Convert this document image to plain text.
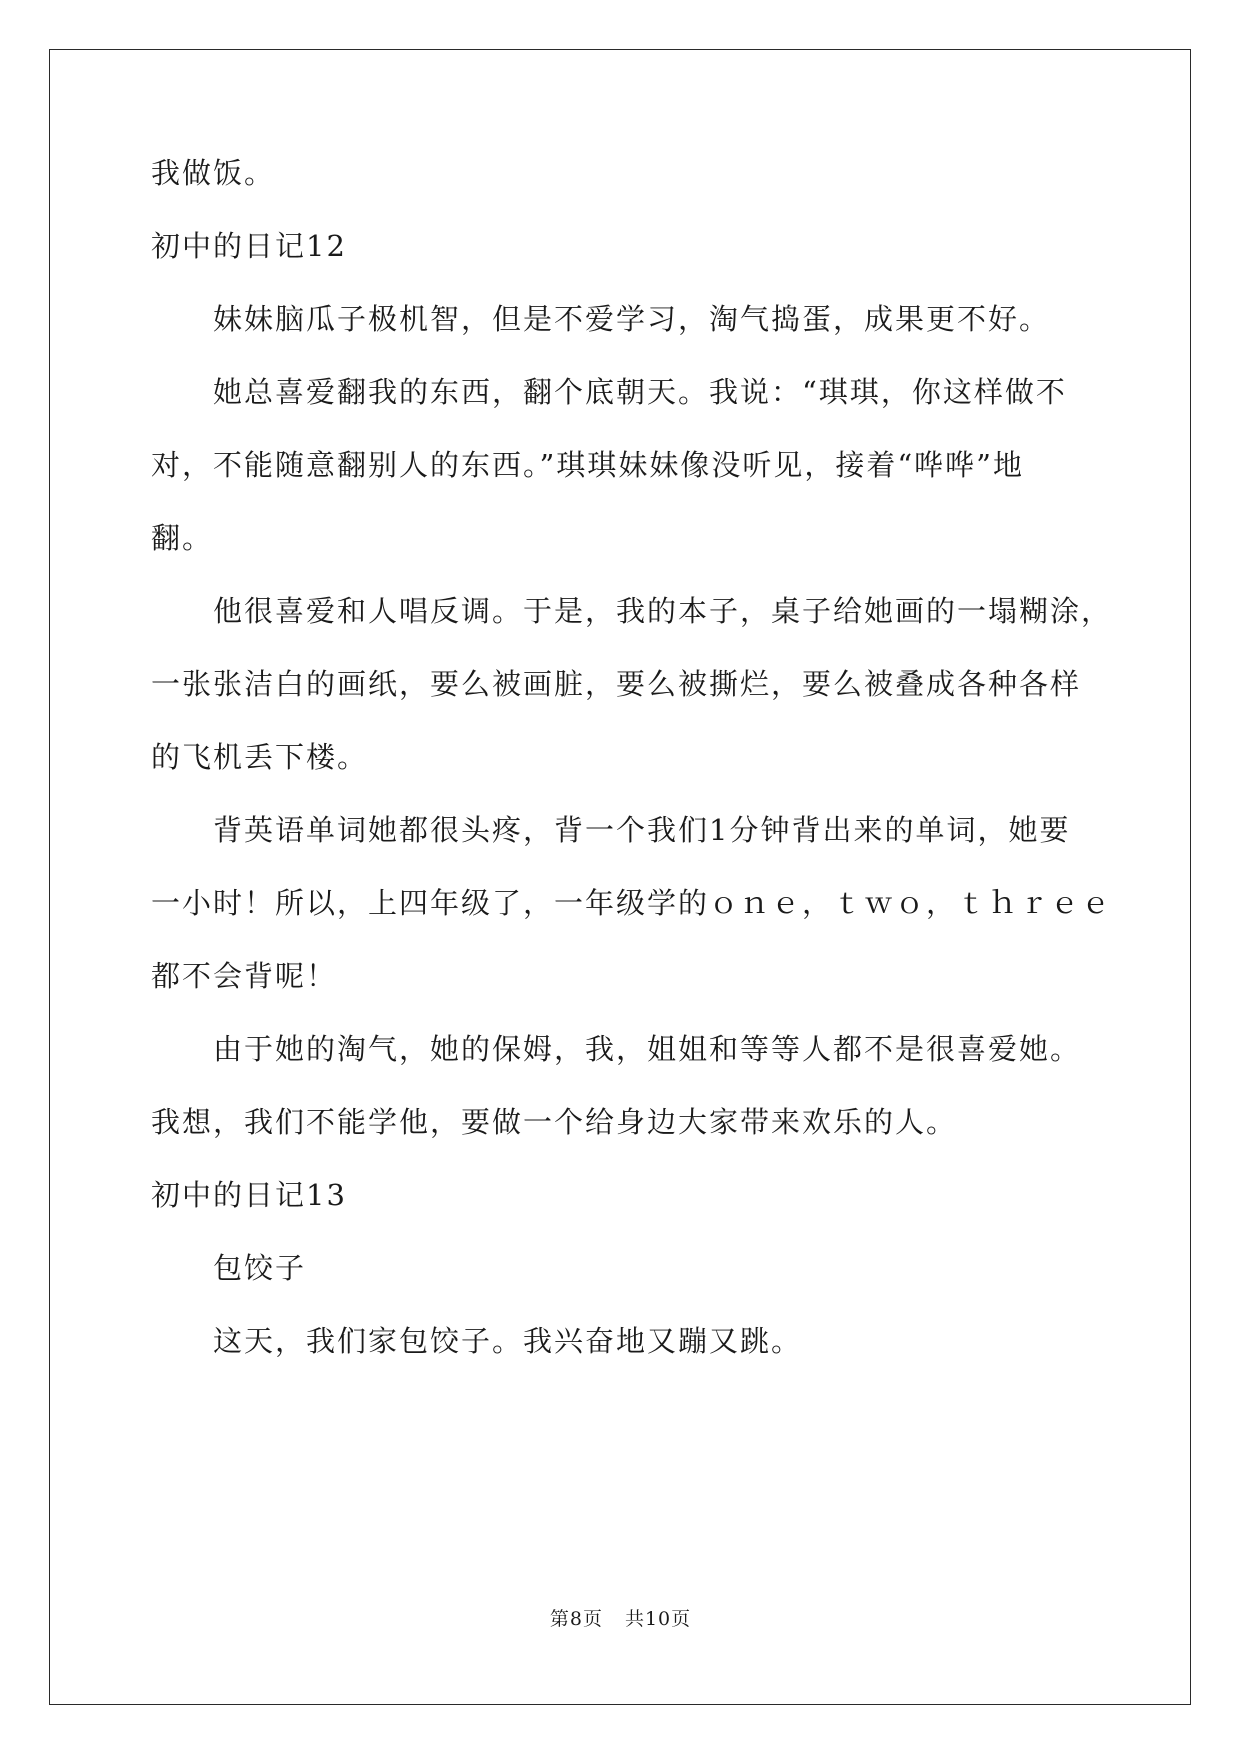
我做饭。
初中的日记12
妹妹脑瓜子极机智，但是不爱学习，淘气捣蛋，成果更不好。
她总喜爱翻我的东西，翻个底朝天。我说：“琪琪，你这样做不
对，不能随意翻别人的东西。”琪琪妹妹像没听见，接着“哗哗”地
翻。
他很喜爱和人唱反调。于是，我的本子，桌子给她画的一塌糊涂，
一张张洁白的画纸，要么被画脏，要么被撕烂，要么被叠成各种各样
的飞机丢下楼。
背英语单词她都很头疼，背一个我们1分钟背出来的单词，她要
一小时！所以，上四年级了，一年级学的ｏｎｅ，ｔｗｏ，ｔｈｒｅｅ
都不会背呢！
由于她的淘气，她的保姆，我，姐姐和等等人都不是很喜爱她。
我想，我们不能学他，要做一个给身边大家带来欢乐的人。
初中的日记13
包饺子
这天，我们家包饺子。我兴奋地又蹦又跳。
第8页 共10页
